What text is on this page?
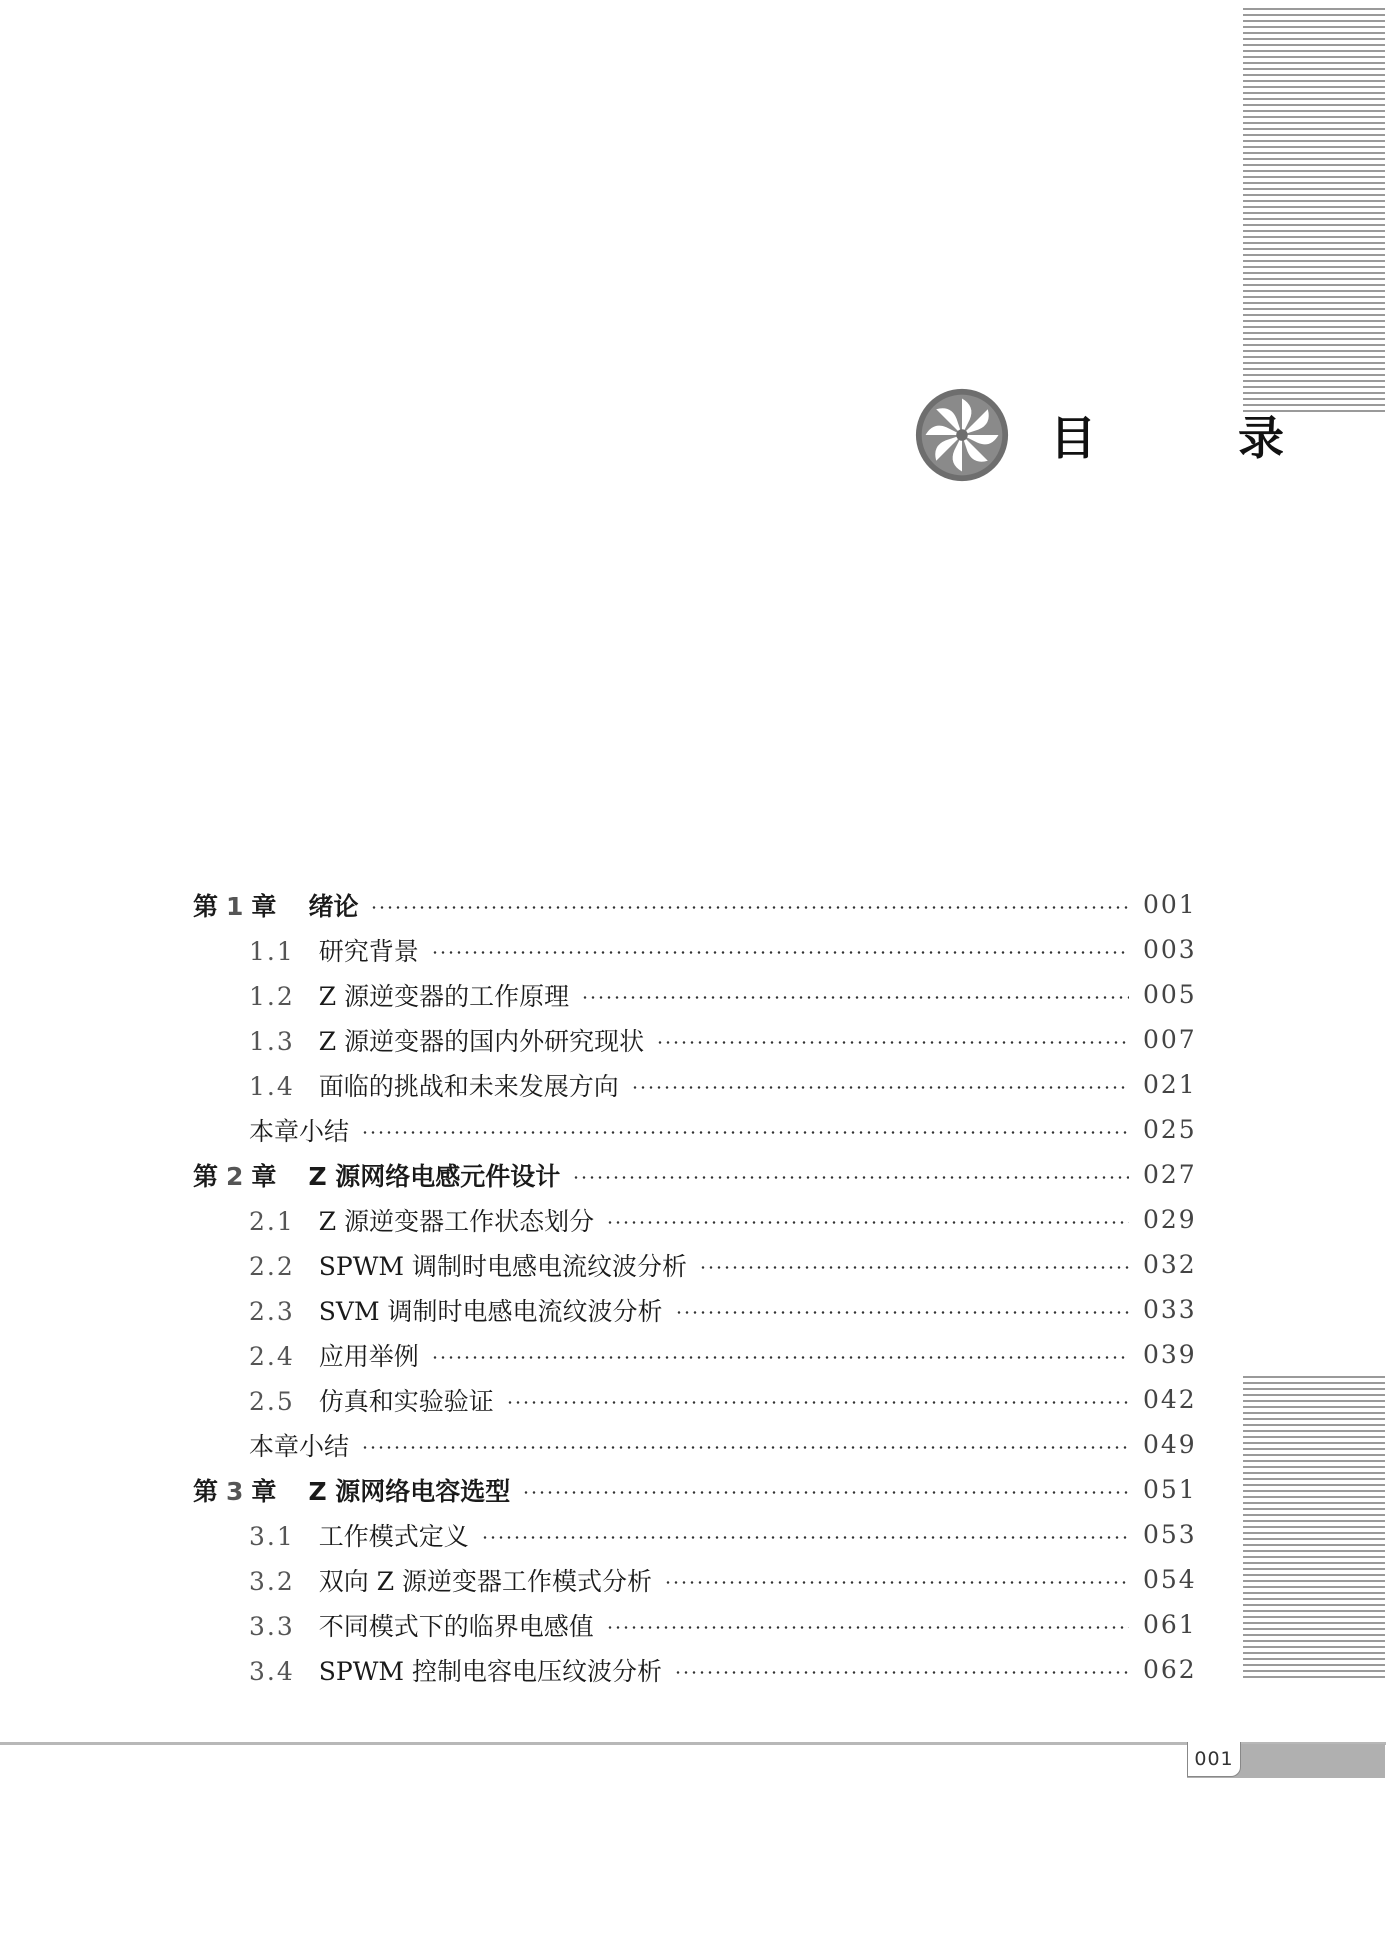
目　录
第 1 章 绪论	001
1.1 研究背景	003
1.2 Z 源逆变器的工作原理	005
1.3 Z 源逆变器的国内外研究现状	007
1.4 面临的挑战和未来发展方向	021
本章小结	025
第 2 章 Z 源网络电感元件设计	027
2.1 Z 源逆变器工作状态划分	029
2.2 SPWM 调制时电感电流纹波分析	032
2.3 SVM 调制时电感电流纹波分析	033
2.4 应用举例	039
2.5 仿真和实验验证	042
本章小结	049
第 3 章 Z 源网络电容选型	051
3.1 工作模式定义	053
3.2 双向 Z 源逆变器工作模式分析	054
3.3 不同模式下的临界电感值	061
3.4 SPWM 控制电容电压纹波分析	062
001
